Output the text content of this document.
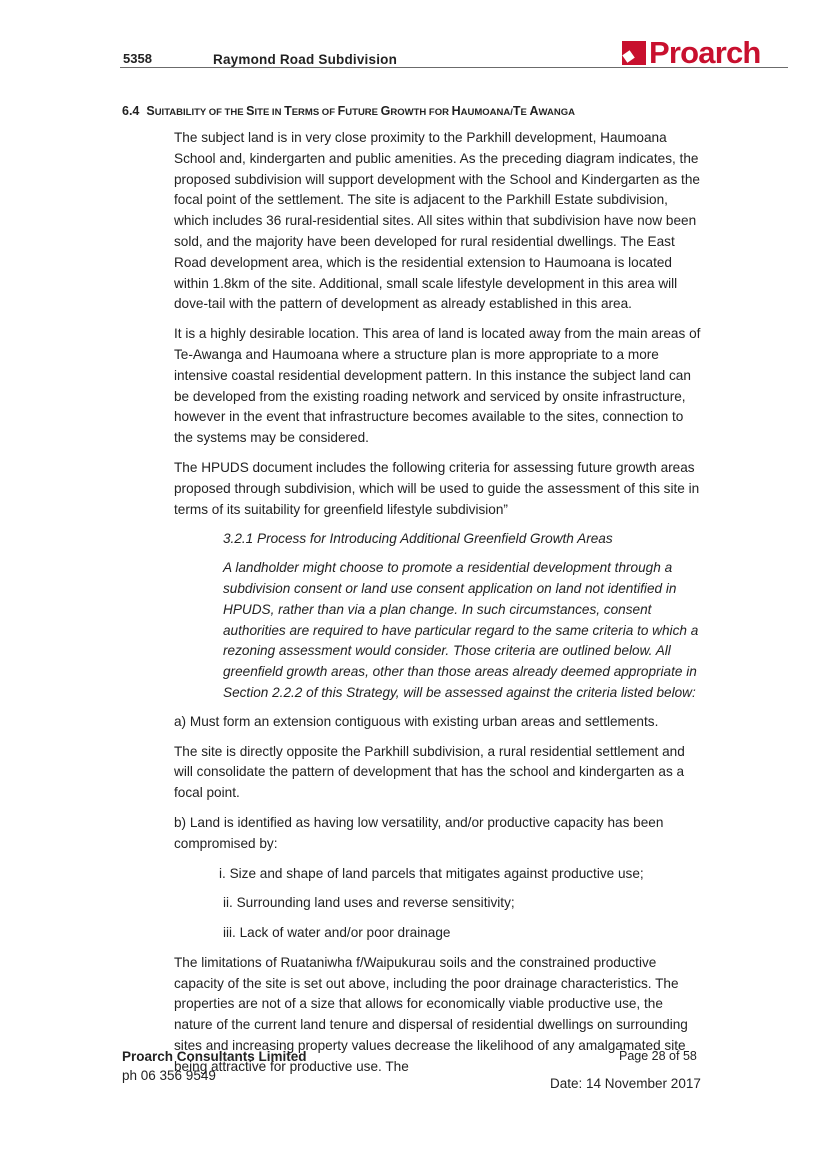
5358	Raymond Road Subdivision	Proarch
6.4 SUITABILITY OF THE SITE IN TERMS OF FUTURE GROWTH FOR HAUMOANA/TE AWANGA

The subject land is in very close proximity to the Parkhill development, Haumoana School and, kindergarten and public amenities. As the preceding diagram indicates, the proposed subdivision will support development with the School and Kindergarten as the focal point of the settlement. The site is adjacent to the Parkhill Estate subdivision, which includes 36 rural-residential sites. All sites within that subdivision have now been sold, and the majority have been developed for rural residential dwellings. The East Road development area, which is the residential extension to Haumoana is located within 1.8km of the site. Additional, small scale lifestyle development in this area will dove-tail with the pattern of development as already established in this area.

It is a highly desirable location. This area of land is located away from the main areas of Te-Awanga and Haumoana where a structure plan is more appropriate to a more intensive coastal residential development pattern. In this instance the subject land can be developed from the existing roading network and serviced by onsite infrastructure, however in the event that infrastructure becomes available to the sites, connection to the systems may be considered.

The HPUDS document includes the following criteria for assessing future growth areas proposed through subdivision, which will be used to guide the assessment of this site in terms of its suitability for greenfield lifestyle subdivision”

3.2.1 Process for Introducing Additional Greenfield Growth Areas

A landholder might choose to promote a residential development through a subdivision consent or land use consent application on land not identified in HPUDS, rather than via a plan change. In such circumstances, consent authorities are required to have particular regard to the same criteria to which a rezoning assessment would consider. Those criteria are outlined below. All greenfield growth areas, other than those areas already deemed appropriate in Section 2.2.2 of this Strategy, will be assessed against the criteria listed below:

a) Must form an extension contiguous with existing urban areas and settlements.

The site is directly opposite the Parkhill subdivision, a rural residential settlement and will consolidate the pattern of development that has the school and kindergarten as a focal point.

b) Land is identified as having low versatility, and/or productive capacity has been compromised by:

i. Size and shape of land parcels that mitigates against productive use;
ii. Surrounding land uses and reverse sensitivity;
iii. Lack of water and/or poor drainage

The limitations of Ruataniwha f/Waipukurau soils and the constrained productive capacity of the site is set out above, including the poor drainage characteristics. The properties are not of a size that allows for economically viable productive use, the nature of the current land tenure and dispersal of residential dwellings on surrounding sites and increasing property values decrease the likelihood of any amalgamated site being attractive for productive use. The

Proarch Consultants Limited
ph 06 356 9549
Page 28 of 58
Date: 14 November 2017
